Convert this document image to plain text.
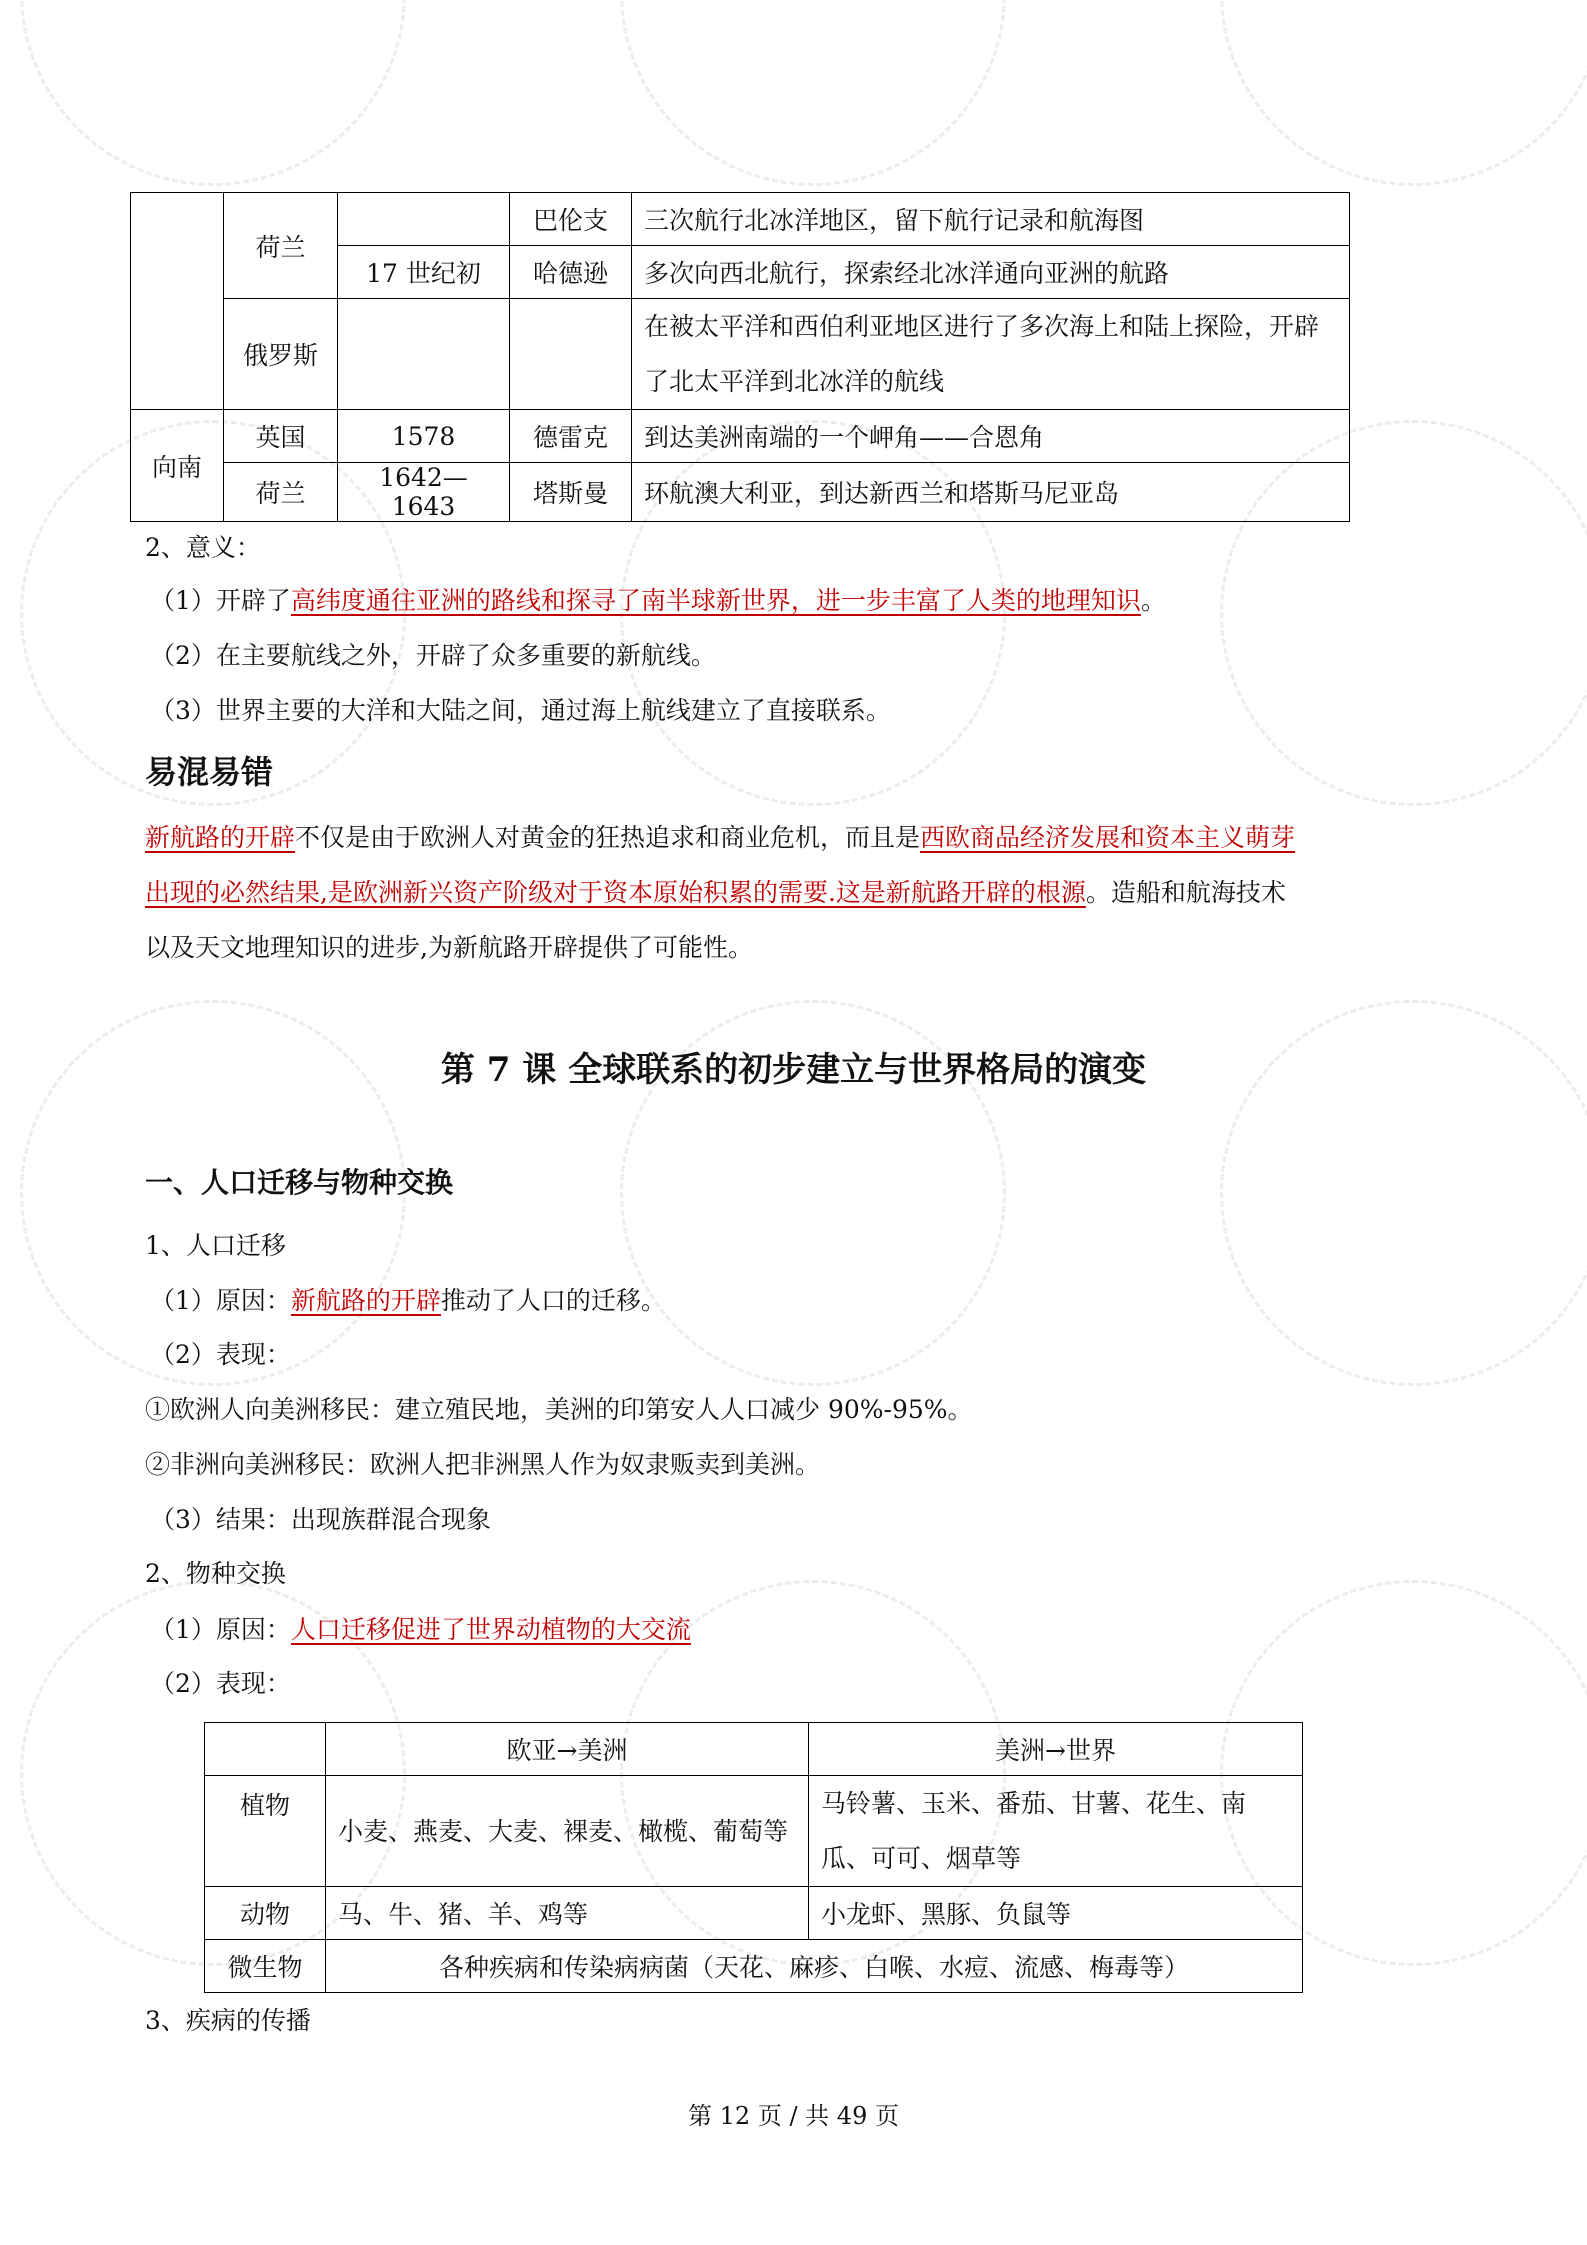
	荷兰		巴伦支	三次航行北冰洋地区，留下航行记录和航海图
		17 世纪初	哈德逊	多次向西北航行，探索经北冰洋通向亚洲的航路
	俄罗斯			在被太平洋和西伯利亚地区进行了多次海上和陆上探险，开辟了北太平洋到北冰洋的航线
向南	英国	1578	德雷克	到达美洲南端的一个岬角——合恩角
	荷兰	1642—1643	塔斯曼	环航澳大利亚，到达新西兰和塔斯马尼亚岛
2、意义：
（1）开辟了高纬度通往亚洲的路线和探寻了南半球新世界，进一步丰富了人类的地理知识。
（2）在主要航线之外，开辟了众多重要的新航线。
（3）世界主要的大洋和大陆之间，通过海上航线建立了直接联系。
易混易错
新航路的开辟不仅是由于欧洲人对黄金的狂热追求和商业危机，而且是西欧商品经济发展和资本主义萌芽
出现的必然结果,是欧洲新兴资产阶级对于资本原始积累的需要.这是新航路开辟的根源。造船和航海技术
以及天文地理知识的进步,为新航路开辟提供了可能性。
第 7 课 全球联系的初步建立与世界格局的演变
一、人口迁移与物种交换
1、人口迁移
（1）原因：新航路的开辟推动了人口的迁移。
（2）表现：
①欧洲人向美洲移民：建立殖民地，美洲的印第安人人口减少 90%-95%。
②非洲向美洲移民：欧洲人把非洲黑人作为奴隶贩卖到美洲。
（3）结果：出现族群混合现象
2、物种交换
（1）原因：人口迁移促进了世界动植物的大交流
（2）表现：
	欧亚→美洲	美洲→世界
植物	小麦、燕麦、大麦、裸麦、橄榄、葡萄等	马铃薯、玉米、番茄、甘薯、花生、南瓜、可可、烟草等
动物	马、牛、猪、羊、鸡等	小龙虾、黑豚、负鼠等
微生物	各种疾病和传染病病菌（天花、麻疹、白喉、水痘、流感、梅毒等）	
3、疾病的传播
第 12 页 / 共 49 页
